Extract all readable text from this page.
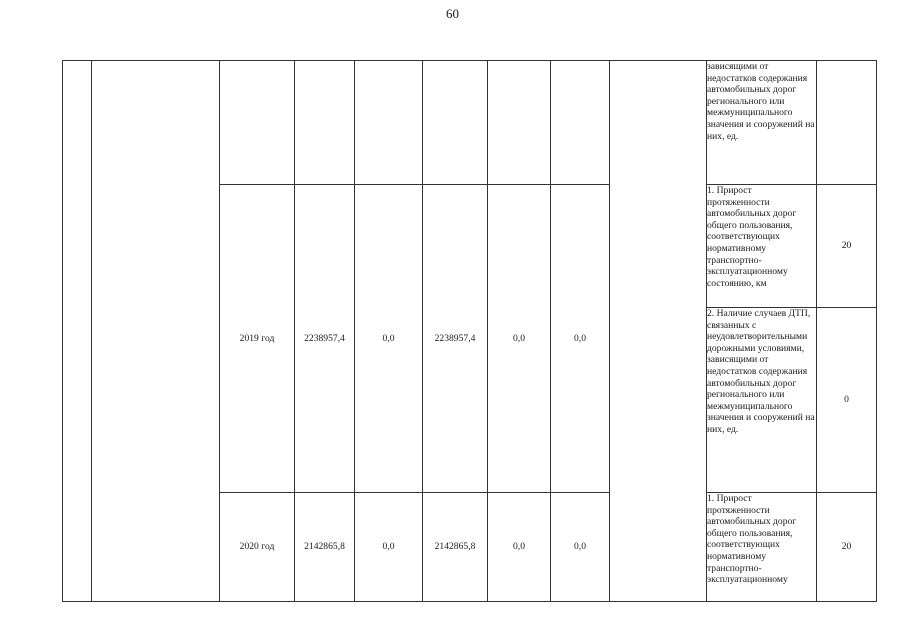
60
									зависящими от недостатков содержания автомобильных дорог регионального или межмуниципального значения и сооружений на них, ед.	
		2019 год	2238957,4	0,0	2238957,4	0,0	0,0		1. Прирост протяженности автомобильных дорог общего пользования, соответствующих нормативному транспортно-эксплуатационному состоянию, км	20
									2. Наличие случаев ДТП, связанных с неудовлетворительными дорожными условиями, зависящими от недостатков содержания автомобильных дорог регионального или межмуниципального значения и сооружений на них, ед.	0
		2020 год	2142865,8	0,0	2142865,8	0,0	0,0		1. Прирост протяженности автомобильных дорог общего пользования, соответствующих нормативному транспортно-эксплуатационному	20
